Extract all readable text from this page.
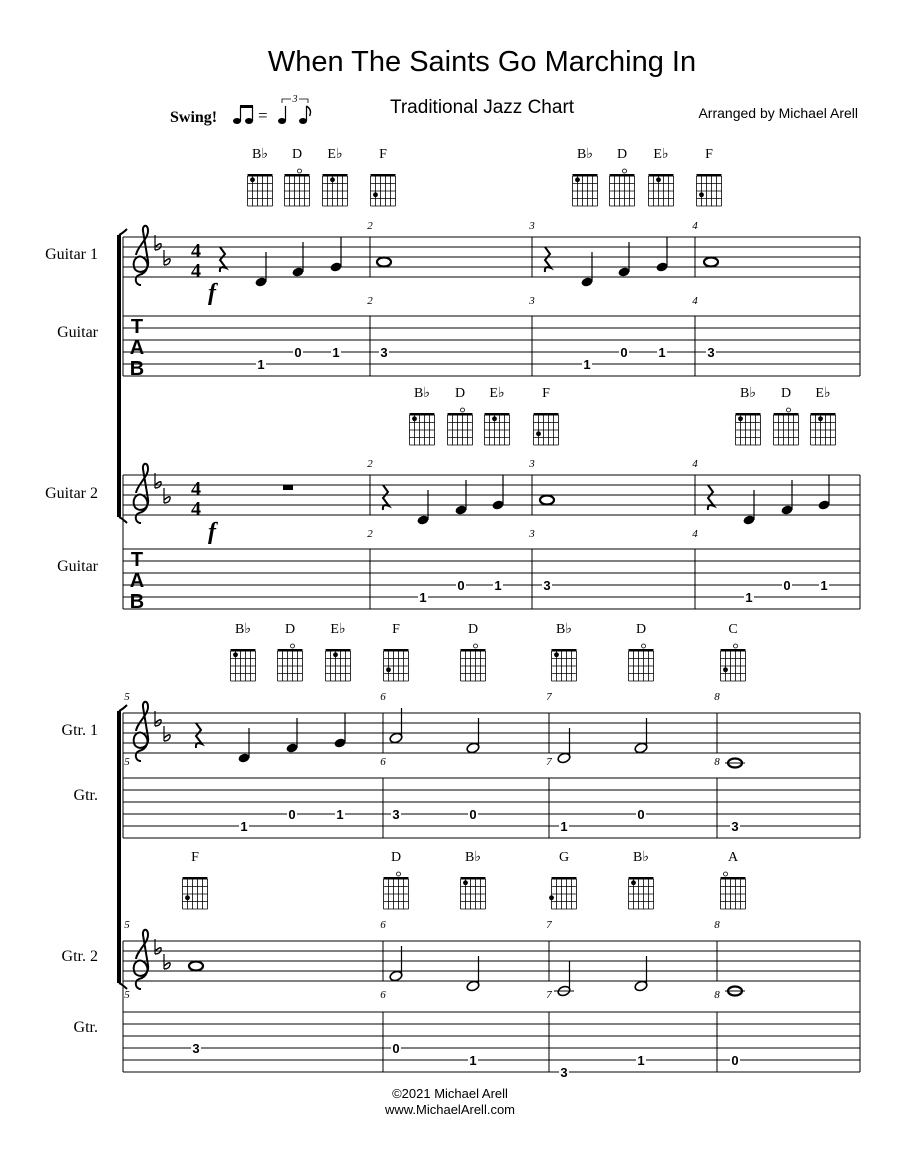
When The Saints Go Marching In
Traditional Jazz Chart	Arranged by Michael Arell
Swing! =
3
B♭ D E♭	F	B♭ D E♭	F
B♭ D E♭	F	B♭ D E♭
B♭ D	E♭	F	D	B♭	D	C
F	D	B♭	G	B♭	A
4
4
T
A
B
4
4
T
A
B
2
2
2
2
3
3
3
3
4
4
4
4
5
5
5
5
6
6
6
6
7
7
7
7
8
8
8
8
1
0 1	3
1
0 1	3
1
0 1	3
1
0 1
1
0	1	3	0
1
0
3
3	0
1
3
1	0
Guitar 1
Guitar
Guitar 2
Guitar
Gtr. 1
Gtr.
Gtr. 2
Gtr.
f
f
©2021 Michael Arell
www.MichaelArell.com
